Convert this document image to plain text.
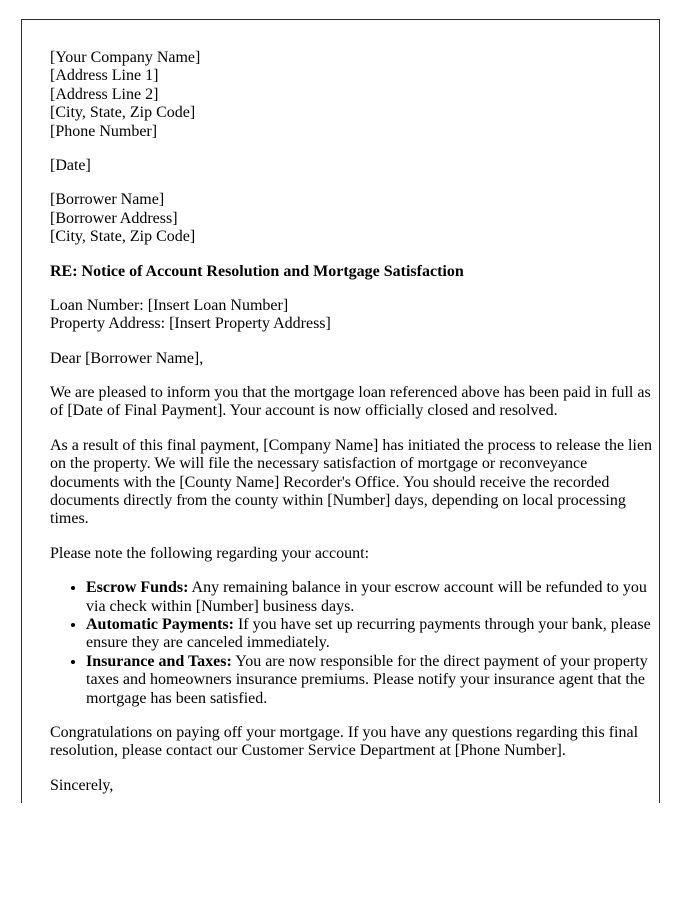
[Your Company Name]
[Address Line 1]
[Address Line 2]
[City, State, Zip Code]
[Phone Number]
[Date]
[Borrower Name]
[Borrower Address]
[City, State, Zip Code]
RE: Notice of Account Resolution and Mortgage Satisfaction
Loan Number: [Insert Loan Number]
Property Address: [Insert Property Address]
Dear [Borrower Name],
We are pleased to inform you that the mortgage loan referenced above has been paid in full as of [Date of Final Payment]. Your account is now officially closed and resolved.
As a result of this final payment, [Company Name] has initiated the process to release the lien on the property. We will file the necessary satisfaction of mortgage or reconveyance documents with the [County Name] Recorder's Office. You should receive the recorded documents directly from the county within [Number] days, depending on local processing times.
Please note the following regarding your account:
• Escrow Funds: Any remaining balance in your escrow account will be refunded to you via check within [Number] business days.
• Automatic Payments: If you have set up recurring payments through your bank, please ensure they are canceled immediately.
• Insurance and Taxes: You are now responsible for the direct payment of your property taxes and homeowners insurance premiums. Please notify your insurance agent that the mortgage has been satisfied.
Congratulations on paying off your mortgage. If you have any questions regarding this final resolution, please contact our Customer Service Department at [Phone Number].
Sincerely,
